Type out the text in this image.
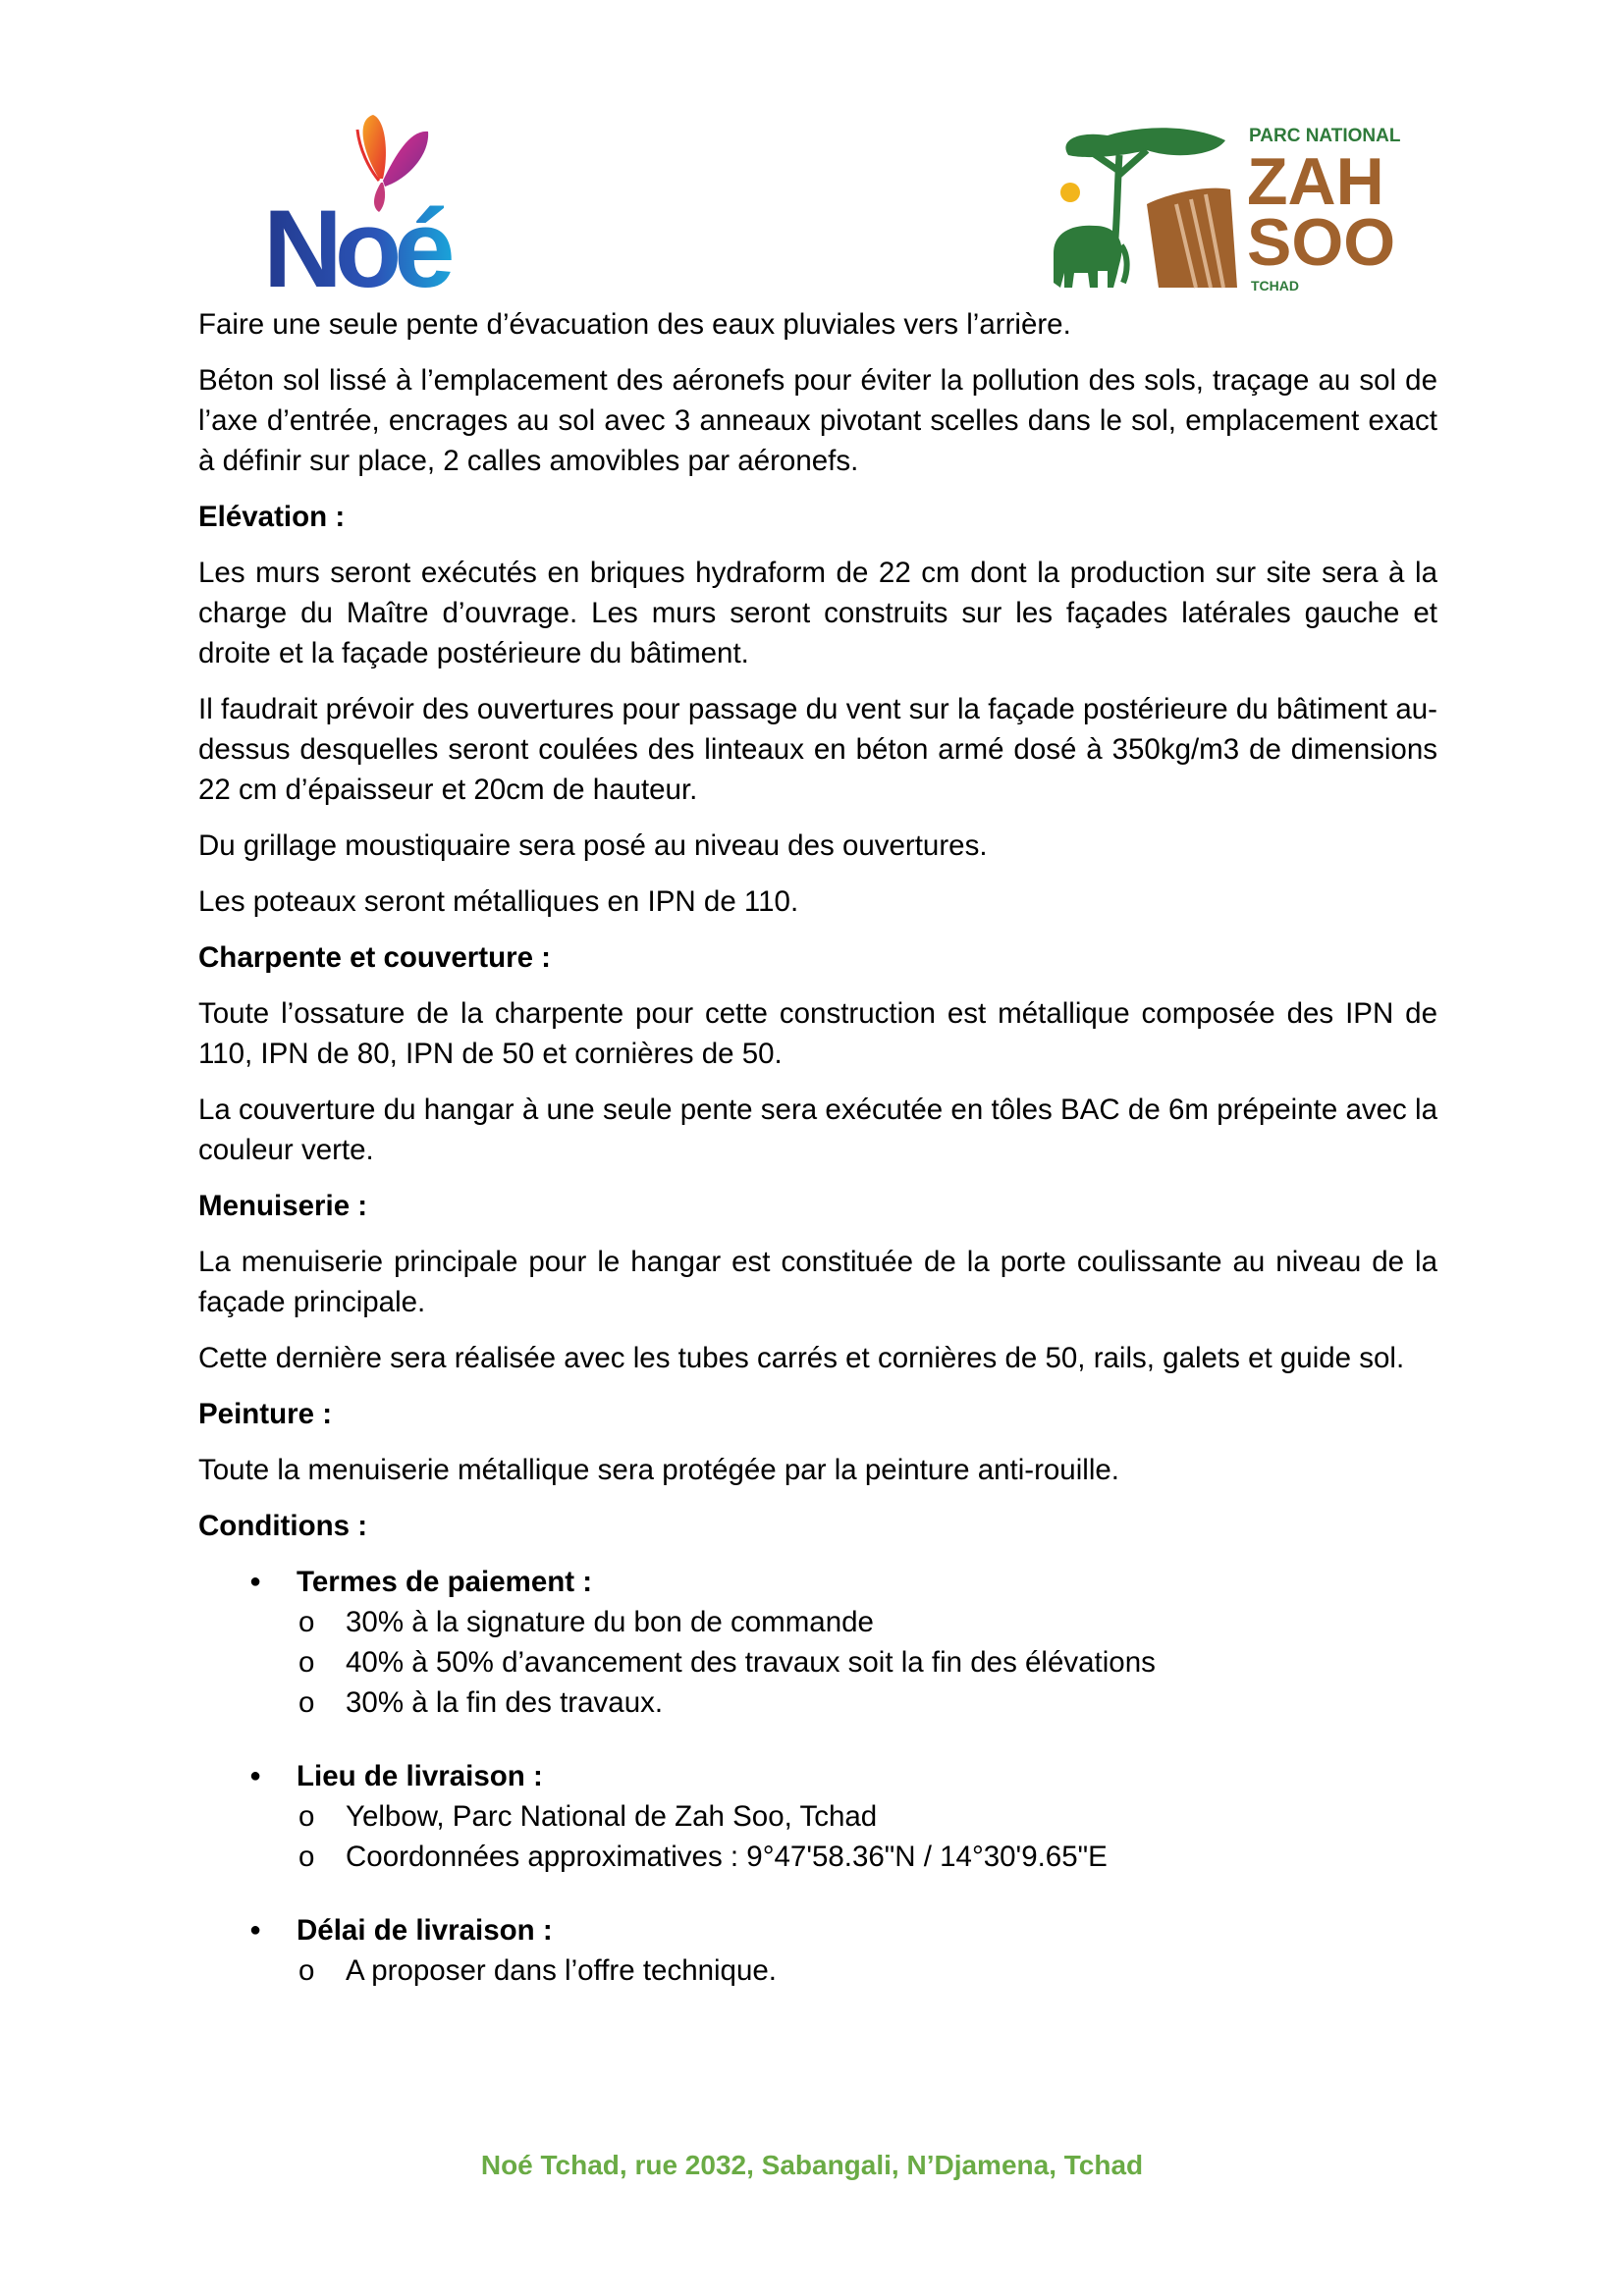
Noé
PARC NATIONAL
ZAH
SOO
TCHAD

Faire une seule pente d’évacuation des eaux pluviales vers l’arrière.

Béton sol lissé à l’emplacement des aéronefs pour éviter la pollution des sols, traçage au sol de l’axe d’entrée, encrages au sol avec 3 anneaux pivotant scelles dans le sol, emplacement exact à définir sur place, 2 calles amovibles par aéronefs.

Elévation :

Les murs seront exécutés en briques hydraform de 22 cm dont la production sur site sera à la charge du Maître d’ouvrage. Les murs seront construits sur les façades latérales gauche et droite et la façade postérieure du bâtiment.

Il faudrait prévoir des ouvertures pour passage du vent sur la façade postérieure du bâtiment au-dessus desquelles seront coulées des linteaux en béton armé dosé à 350kg/m3 de dimensions 22 cm d’épaisseur et 20cm de hauteur.

Du grillage moustiquaire sera posé au niveau des ouvertures.

Les poteaux seront métalliques en IPN de 110.

Charpente et couverture :

Toute l’ossature de la charpente pour cette construction est métallique composée des IPN de 110, IPN de 80, IPN de 50 et cornières de 50.

La couverture du hangar à une seule pente sera exécutée en tôles BAC de 6m prépeinte avec la couleur verte.

Menuiserie :

La menuiserie principale pour le hangar est constituée de la porte coulissante au niveau de la façade principale.

Cette dernière sera réalisée avec les tubes carrés et cornières de 50, rails, galets et guide sol.

Peinture :

Toute la menuiserie métallique sera protégée par la peinture anti-rouille.

Conditions :

● Termes de paiement :
o 30% à la signature du bon de commande
o 40% à 50% d’avancement des travaux soit la fin des élévations
o 30% à la fin des travaux.
● Lieu de livraison :
o Yelbow, Parc National de Zah Soo, Tchad
o Coordonnées approximatives : 9°47'58.36"N / 14°30'9.65"E
● Délai de livraison :
o A proposer dans l’offre technique.
Noé Tchad, rue 2032, Sabangali, N’Djamena, Tchad
